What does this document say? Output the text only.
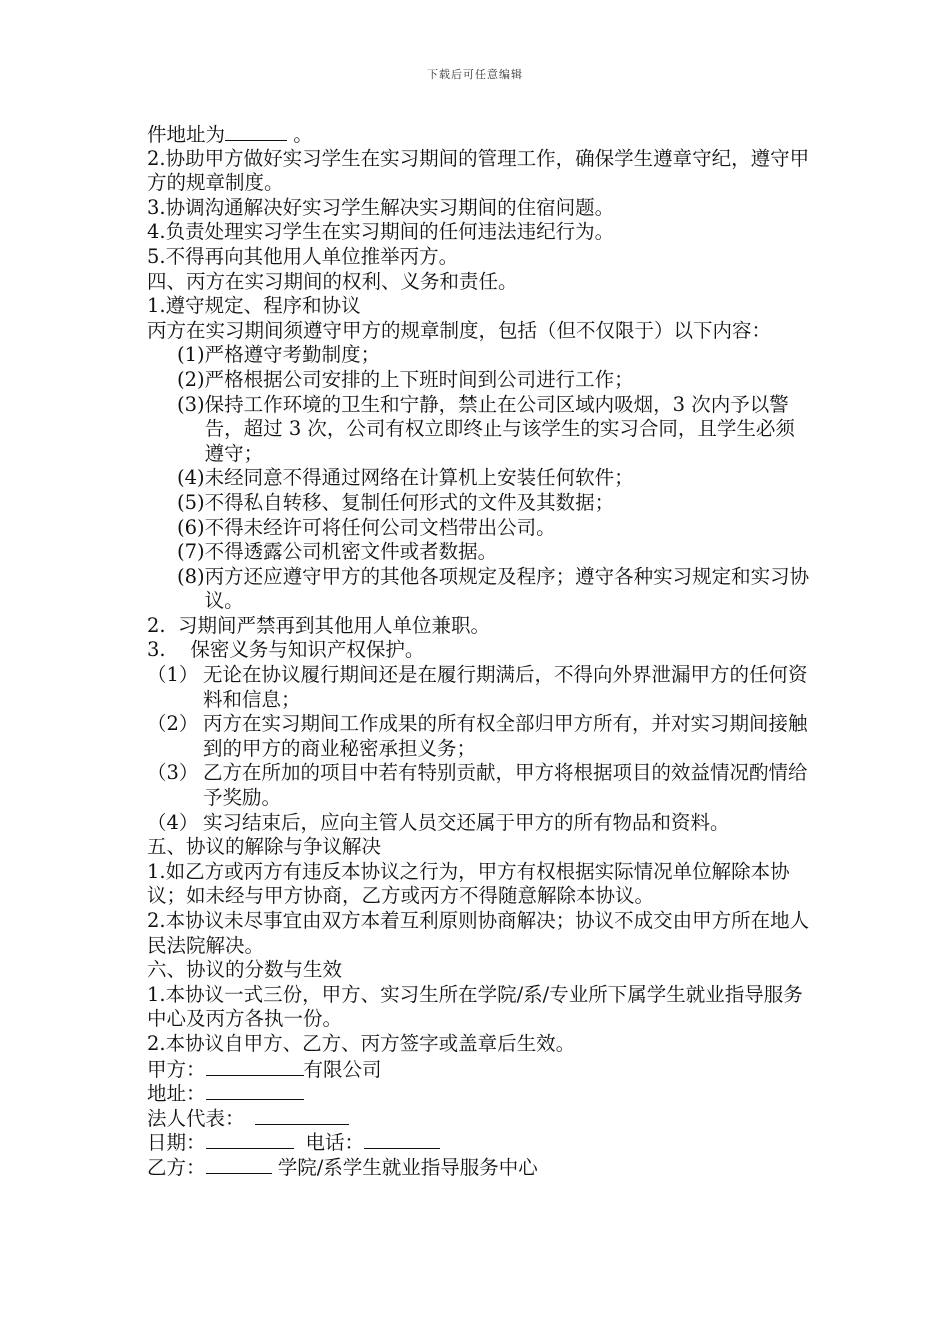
下载后可任意编辑
件地址为	。
2.协助甲方做好实习学生在实习期间的管理工作，确保学生遵章守纪，遵守甲方的规章制度。
3.协调沟通解决好实习学生解决实习期间的住宿问题。
4.负责处理实习学生在实习期间的任何违法违纪行为。
5.不得再向其他用人单位推举丙方。
四、丙方在实习期间的权利、义务和责任。
1.遵守规定、程序和协议
丙方在实习期间须遵守甲方的规章制度，包括（但不仅限于）以下内容：
(1) 严格遵守考勤制度；
(2) 严格根据公司安排的上下班时间到公司进行工作；
(3) 保持工作环境的卫生和宁静，禁止在公司区域内吸烟，3 次内予以警告，超过 3 次，公司有权立即终止与该学生的实习合同，且学生必须遵守；
(4) 未经同意不得通过网络在计算机上安装任何软件；
(5) 不得私自转移、复制任何形式的文件及其数据；
(6) 不得未经许可将任何公司文档带出公司。
(7) 不得透露公司机密文件或者数据。
(8) 丙方还应遵守甲方的其他各项规定及程序；遵守各种实习规定和实习协议。
2.  习期间严禁再到其他用人单位兼职。
3.    保密义务与知识产权保护。
（1） 无论在协议履行期间还是在履行期满后，不得向外界泄漏甲方的任何资料和信息；
（2） 丙方在实习期间工作成果的所有权全部归甲方所有，并对实习期间接触到的甲方的商业秘密承担义务；
（3） 乙方在所加的项目中若有特别贡献，甲方将根据项目的效益情况酌情给予奖励。
（4） 实习结束后，应向主管人员交还属于甲方的所有物品和资料。
五、协议的解除与争议解决
1.如乙方或丙方有违反本协议之行为，甲方有权根据实际情况单位解除本协议；如未经与甲方协商，乙方或丙方不得随意解除本协议。
2.本协议未尽事宜由双方本着互利原则协商解决；协议不成交由甲方所在地人民法院解决。
六、协议的分数与生效
1.本协议一式三份，甲方、实习生所在学院/系/专业所下属学生就业指导服务中心及丙方各执一份。
2.本协议自甲方、乙方、丙方签字或盖章后生效。
甲方：	有限公司
地址：
法人代表：
日期：	电话：
乙方：	学院/系学生就业指导服务中心
